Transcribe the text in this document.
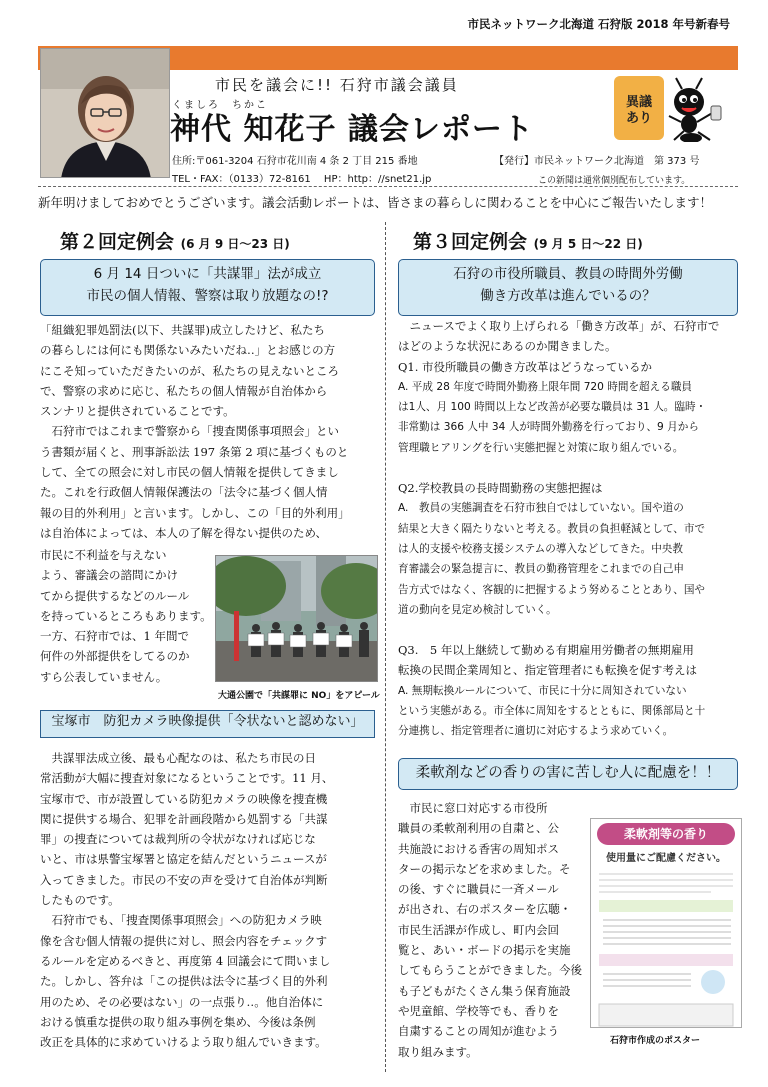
市民ネットワーク北海道 石狩版 2018 年号新春号
市民を議会に!! 石狩市議会議員
くましろ　ちかこ
神代 知花子 議会レポート
住所:〒061-3204 石狩市花川南 4 条 2 丁目 215 番地
TEL・FAX：（0133）72-8161　 HP：http：//snet21.jp
【発行】市民ネットワーク北海道　第 373 号
この新聞は通常個別配布しています。
異議あり
新年明けましておめでとうございます。議会活動レポートは、皆さまの暮らしに関わることを中心にご報告いたします！
第２回定例会 (6 月 9 日～23 日)
6 月 14 日ついに「共謀罪」法が成立
市民の個人情報、警察は取り放題なの!?
「組織犯罪処罰法(以下、共謀罪)成立したけど、私たち
の暮らしには何にも関係ないみたいだね‥」とお感じの方
にこそ知っていただきたいのが、私たちの見えないところ
で、警察の求めに応じ、私たちの個人情報が自治体から
スンナリと提供されていることです。
　石狩市ではこれまで警察から「捜査関係事項照会」とい
う書類が届くと、刑事訴訟法 197 条第 2 項に基づくものと
して、全ての照会に対し市民の個人情報を提供してきまし
た。これを行政個人情報保護法の「法令に基づく個人情
報の目的外利用」と言います。しかし、この「目的外利用」
は自治体によっては、本人の了解を得ない提供のため、
市民に不利益を与えない
よう、審議会の諮問にかけ
てから提供するなどのルール
を持っているところもあります。
一方、石狩市では、1 年間で
何件の外部提供をしてるのか
すら公表していません。
大通公園で「共謀罪に NO」をアピール
宝塚市　防犯カメラ映像提供「令状ないと認めない」
　共謀罪法成立後、最も心配なのは、私たち市民の日
常活動が大幅に捜査対象になるということです。11 月、
宝塚市で、市が設置している防犯カメラの映像を捜査機
関に提供する場合、犯罪を計画段階から処罰する「共謀
罪」の捜査については裁判所の令状がなければ応じな
いと、市は県警宝塚署と協定を結んだというニュースが
入ってきました。市民の不安の声を受けて自治体が判断
したものです。
　石狩市でも、「捜査関係事項照会」への防犯カメラ映
像を含む個人情報の提供に対し、照会内容をチェックす
るルールを定めるべきと、再度第 4 回議会にて問いまし
た。しかし、答弁は「この提供は法令に基づく目的外利
用のため、その必要はない」の一点張り‥。他自治体に
おける慎重な提供の取り組み事例を集め、今後は条例
改正を具体的に求めていけるよう取り組んでいきます。
第３回定例会 (9 月 5 日～22 日)
石狩の市役所職員、教員の時間外労働
働き方改革は進んでいるの？
　ニュースでよく取り上げられる「働き方改革」が、石狩市で
はどのような状況にあるのか聞きました。
Q1. 市役所職員の働き方改革はどうなっているか
A. 平成 28 年度で時間外勤務上限年間 720 時間を超える職員
は1人、月 100 時間以上など改善が必要な職員は 31 人。臨時・
非常勤は 366 人中 34 人が時間外勤務を行っており、9 月から
管理職ヒアリングを行い実態把握と対策に取り組んでいる。
Q2.学校教員の長時間勤務の実態把握は
A.　教員の実態調査を石狩市独自ではしていない。国や道の
結果と大きく隔たりないと考える。教員の負担軽減として、市で
は人的支援や校務支援システムの導入などしてきた。中央教
育審議会の緊急提言に、教員の勤務管理をこれまでの自己申
告方式ではなく、客観的に把握するよう努めることとあり、国や
道の動向を見定め検討していく。
Q3.　5 年以上継続して勤める有期雇用労働者の無期雇用
転換の民間企業周知と、指定管理者にも転換を促す考えは
A. 無期転換ルールについて、市民に十分に周知されていない
という実態がある。市全体に周知をするとともに、関係部局と十
分連携し、指定管理者に適切に対応するよう求めていく。
柔軟剤などの香りの害に苦しむ人に配慮を！！
　市民に窓口対応する市役所
職員の柔軟剤利用の自粛と、公
共施設における香害の周知ポス
ターの掲示などを求めました。そ
の後、すぐに職員に一斉メール
が出され、右のポスターを広聴・
市民生活課が作成し、町内会回
覧と、あい・ボードの掲示を実施
してもらうことができました。今後
も子どもがたくさん集う保育施設
や児童館、学校等でも、香りを
自粛することの周知が進むよう
取り組みます。
柔軟剤等の香り
使用量にご配慮ください。
石狩市作成のポスター
